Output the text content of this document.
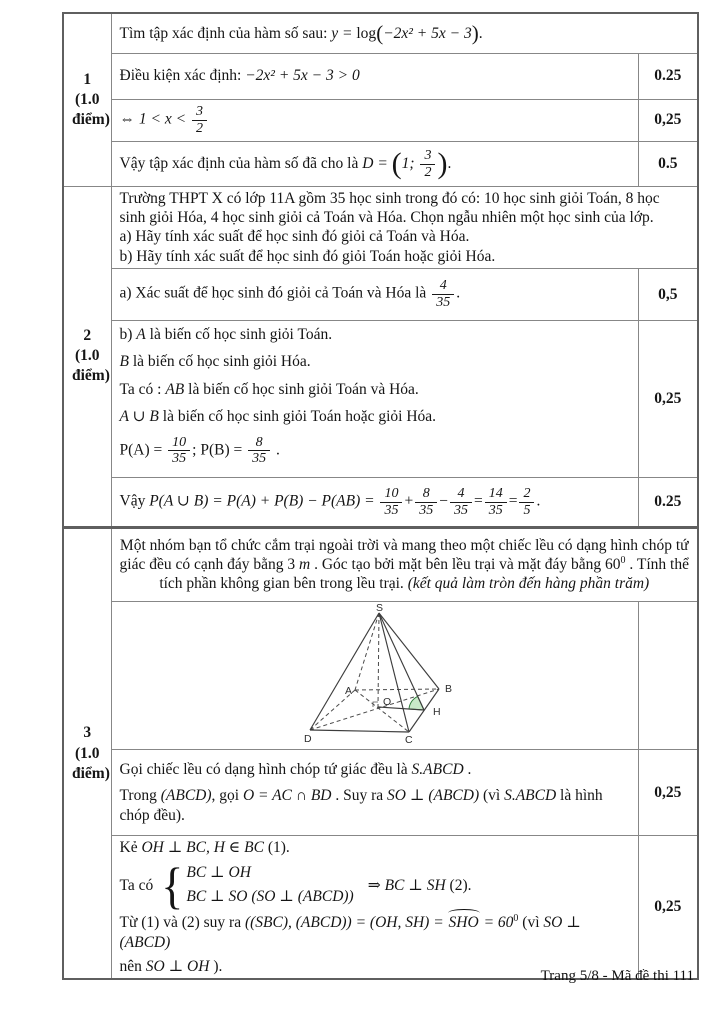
1
(1.0
điểm)	Tìm tập xác định của hàm số sau: y = log(−2x² + 5x − 3).	
	Điều kiện xác định: −2x² + 5x − 3 > 0	0.25
	⇔ $1 < x < \frac{3}{2}$	0,25
	Vậy tập xác định của hàm số đã cho là D = (1; $\frac{3}{2}$ ).	0.5

2
(1.0
điểm)

Trường THPT X có lớp 11A gồm 35 học sinh trong đó có: 10 học sinh giỏi Toán, 8 học sinh giỏi Hóa, 4 học sinh giỏi cả Toán và Hóa. Chọn ngẫu nhiên một học sinh của lớp.
a) Hãy tính xác suất để học sinh đó giỏi cả Toán và Hóa.
b) Hãy tính xác suất để học sinh đó giỏi Toán hoặc giỏi Hóa.

	a) Xác suất để học sinh đó giỏi cả Toán và Hóa là $\frac{4}{35}$ .	0,5

b) A là biến cố học sinh giỏi Toán.
B là biến cố học sinh giỏi Hóa.
Ta có : AB là biến cố học sinh giỏi Toán và Hóa.
A ∪ B là biến cố học sinh giỏi Toán hoặc giỏi Hóa.
$P(A) = \frac{10}{35}$ ; $P(B) = \frac{8}{35}$ .
	0,25
Vậy P(A ∪ $B) = P(A) + P(B) - P(AB) = \frac{10}{35} + \frac{8}{35} - \frac{4}{35} = \frac{14}{35} = \frac{2}{5}$ .	0.25
3 (1.0
điểm)	Một nhóm bạn tổ chức cắm trại ngoài trời và mang theo một chiếc lều có dạng hình chóp tứ giác đều có cạnh đáy bằng 3 m . Góc tạo bởi mặt bên lều trại và mặt đáy bằng $60^0$ . Tính thể tích phần không gian bên trong lều trại. (kết quả làm tròn đến hàng phần trăm)	

S
A	B
O
H
D	C

	Gọi chiếc lều có dạng hình chóp tứ giác đều là S.ABCD .
Trong (ABCD), gọi O = AC ∩ BD . Suy ra SO ⊥ (ABCD) (vì S.ABCD là hình chóp đều).	0,25

Kẻ OH ⊥ BC, H ∈ BC (1).
Ta có { BC ⊥ OH
BC ⊥ SO (SO ⊥ (ABCD))
⇒ BC ⊥ SH (2).
Từ (1) và (2) suy ra ((SBC), (ABCD)) = (OH, SH) = SHO = $60^0$ (vì SO ⊥ (ABCD)
nên SO ⊥ OH ).
	0,25
Trang 5/8 - Mã đề thi 111
